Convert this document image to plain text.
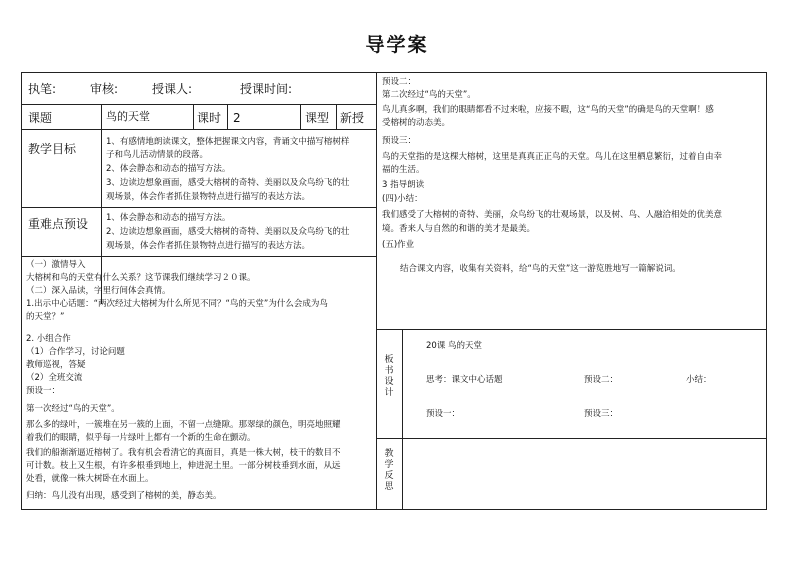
导学案
执笔:	审核:	授课人:	授课时间:
课题	鸟的天堂	课时 2	课型 新授
教学目标	1、有感情地朗读课文，整体把握课文内容，背诵文中描写榕树样
子和鸟儿活动情景的段落。
2、体会静态和动态的描写方法。
3、边读边想象画面，感受大榕树的奇特、美丽以及众鸟纷飞的壮
观场景，体会作者抓住景物特点进行描写的表达方法。
重难点预设 1、体会静态和动态的描写方法。
2、边读边想象画面，感受大榕树的奇特、美丽以及众鸟纷飞的壮
观场景，体会作者抓住景物特点进行描写的表达方法。
（一）激情导入
大榕树和鸟的天堂有什么关系？这节课我们继续学习２０课。
（二）深入品读，字里行间体会真情。
1.出示中心话题：“两次经过大榕树为什么所见不同？“鸟的天堂”为什么会成为鸟
的天堂？”
2. 小组合作
（1）合作学习，讨论问题
教师巡视，答疑
（2）全班交流
预设一：
第一次经过“鸟的天堂”。
那么多的绿叶，一簇堆在另一簇的上面，不留一点缝隙。那翠绿的颜色，明亮地照耀
着我们的眼睛，似乎每一片绿叶上都有一个新的生命在颤动。
我们的船渐渐逼近榕树了。我有机会看清它的真面目，真是一株大树，枝干的数目不
可计数。枝上又生根，有许多根垂到地上，伸进泥土里。一部分树枝垂到水面，从远
处看，就像一株大树卧在水面上。
归纳：鸟儿没有出现，感受到了榕树的美，静态美。
预设二：
第二次经过“鸟的天堂”。
鸟儿真多啊，我们的眼睛都看不过来啦，应接不暇，这“鸟的天堂”的确是鸟的天堂啊！感
受榕树的动态美。
预设三：
鸟的天堂指的是这棵大榕树，这里是真真正正鸟的天堂。鸟儿在这里栖息繁衍，过着自由幸
福的生活。
3 指导朗读
(四)小结：
我们感受了大榕树的奇特、美丽，众鸟纷飞的壮观场景，以及树、鸟、人融洽相处的优美意
境。香来人与自然的和谐的美才是最美。
(五)作业
结合课文内容，收集有关资料，给“鸟的天堂”这一游览胜地写一篇解说词。
板书设计
20课 鸟的天堂
思考：课文中心话题	预设二：	小结：
预设一：	预设三：
教学反思
